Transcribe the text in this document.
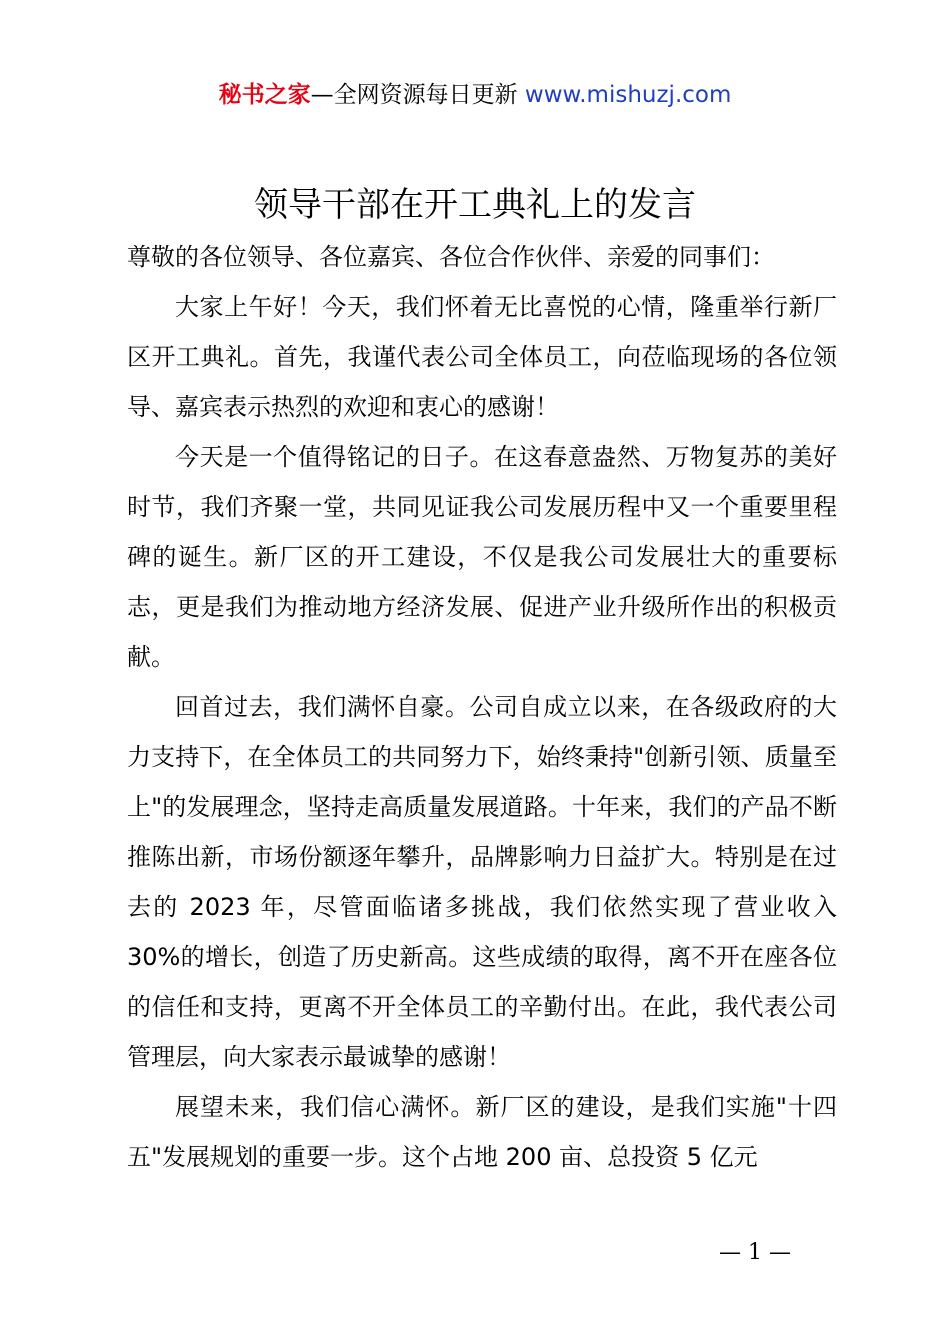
秘书之家—全网资源每日更新 www.mishuzj.com
领导干部在开工典礼上的发言

尊敬的各位领导、各位嘉宾、各位合作伙伴、亲爱的同事们：

大家上午好！今天，我们怀着无比喜悦的心情，隆重举行新厂区开工典礼。首先，我谨代表公司全体员工，向莅临现场的各位领导、嘉宾表示热烈的欢迎和衷心的感谢！

今天是一个值得铭记的日子。在这春意盎然、万物复苏的美好时节，我们齐聚一堂，共同见证我公司发展历程中又一个重要里程碑的诞生。新厂区的开工建设，不仅是我公司发展壮大的重要标志，更是我们为推动地方经济发展、促进产业升级所作出的积极贡献。

回首过去，我们满怀自豪。公司自成立以来，在各级政府的大力支持下，在全体员工的共同努力下，始终秉持"创新引领、质量至上"的发展理念，坚持走高质量发展道路。十年来，我们的产品不断推陈出新，市场份额逐年攀升，品牌影响力日益扩大。特别是在过去的 2023 年，尽管面临诸多挑战，我们依然实现了营业收入 30%的增长，创造了历史新高。这些成绩的取得，离不开在座各位的信任和支持，更离不开全体员工的辛勤付出。在此，我代表公司管理层，向大家表示最诚挚的感谢！

展望未来，我们信心满怀。新厂区的建设，是我们实施"十四五"发展规划的重要一步。这个占地 200 亩、总投资 5 亿元

— 1 —
